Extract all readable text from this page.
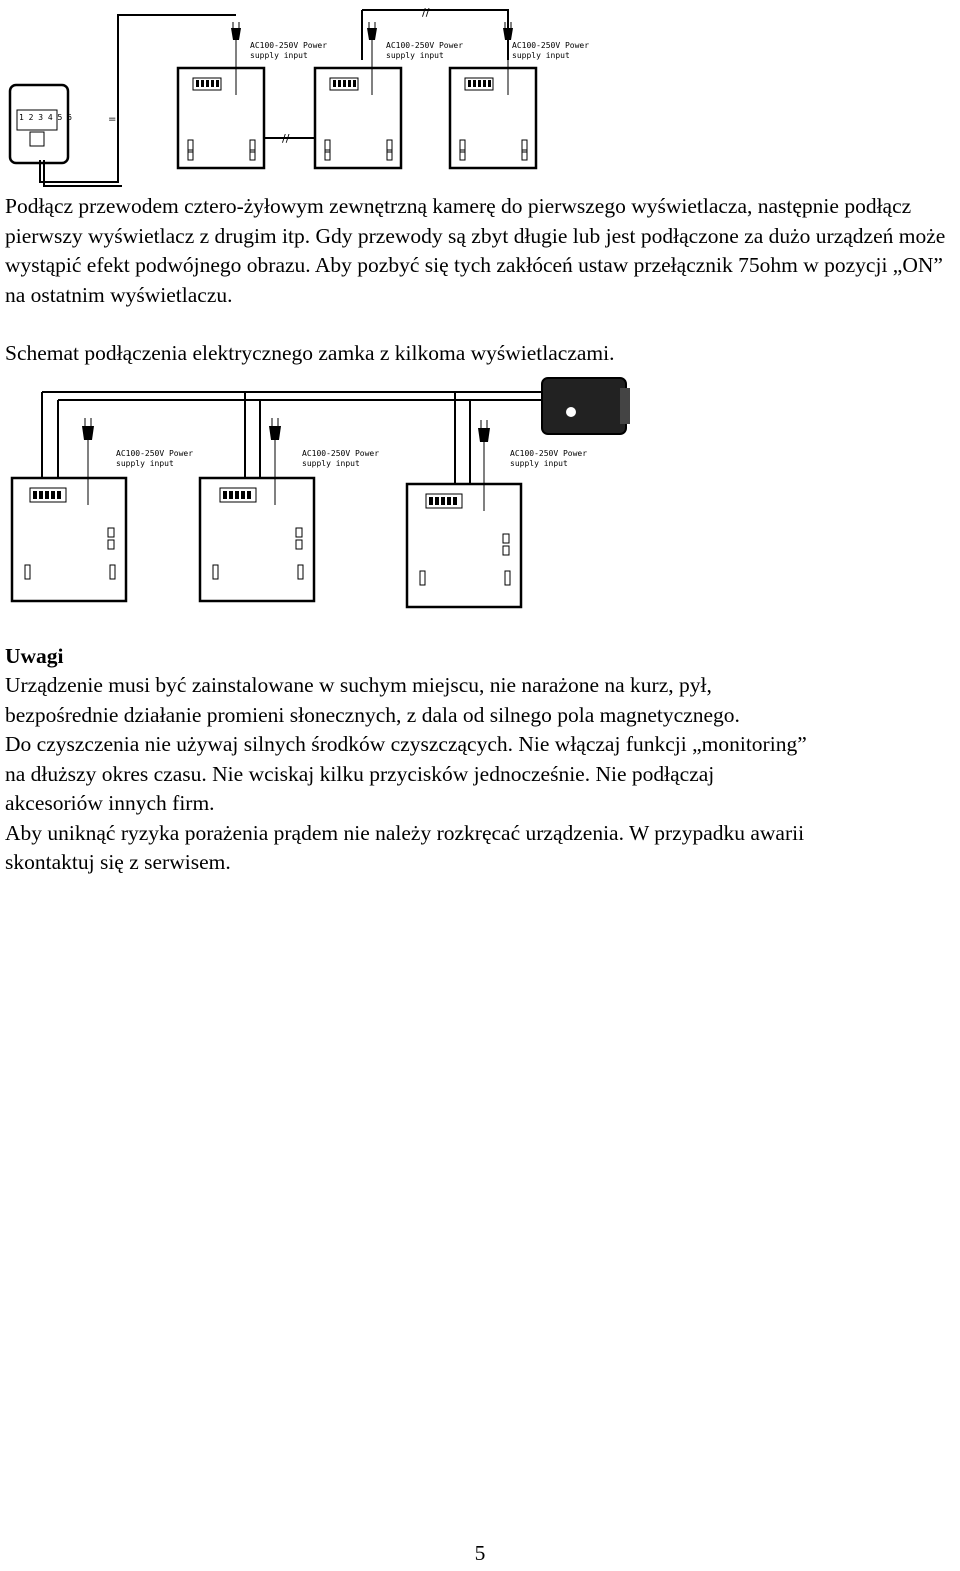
1 2 3 4 5 6	=
//
//
AC100-250V Power
supply input
AC100-250V Power
supply input
AC100-250V Power
supply input

Podłącz przewodem cztero-żyłowym zewnętrzną kamerę do pierwszego wyświetlacza, następnie podłącz pierwszy wyświetlacz z drugim itp. Gdy przewody są zbyt długie lub jest podłączone za dużo urządzeń może wystąpić efekt podwójnego obrazu. Aby pozbyć się tych zakłóceń ustaw przełącznik 75ohm w pozycji „ON” na ostatnim wyświetlaczu.

Schemat podłączenia elektrycznego zamka z kilkoma wyświetlaczami.

AC100-250V Power
supply input
AC100-250V Power
supply input
AC100-250V Power
supply input

Uwagi

Urządzenie musi być zainstalowane w suchym miejscu, nie narażone na kurz, pył,
bezpośrednie działanie promieni słonecznych, z dala od silnego pola magnetycznego.
Do czyszczenia nie używaj silnych środków czyszczących. Nie włączaj funkcji „monitoring”
na dłuższy okres czasu. Nie wciskaj kilku przycisków jednocześnie. Nie podłączaj
akcesoriów innych firm.
Aby uniknąć ryzyka porażenia prądem nie należy rozkręcać urządzenia. W przypadku awarii
skontaktuj się z serwisem.
5
